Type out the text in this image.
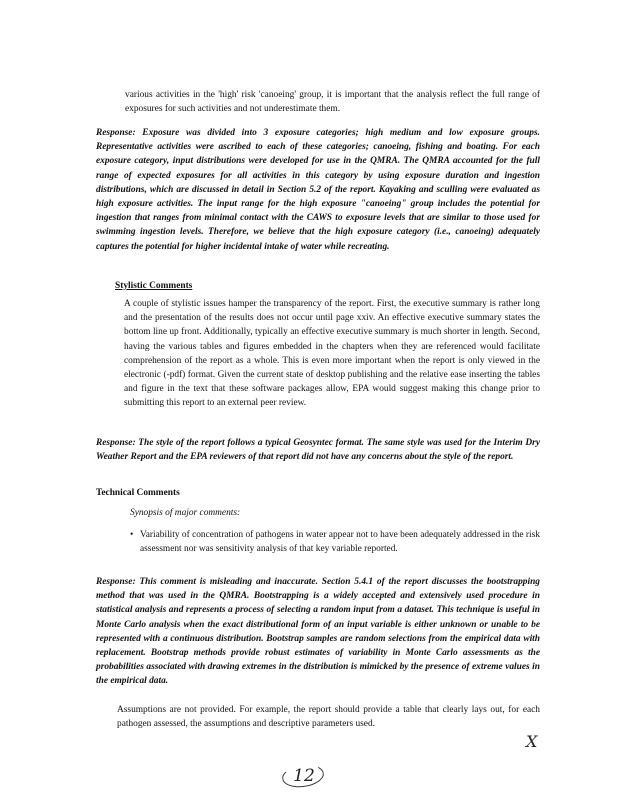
various activities in the 'high' risk 'canoeing' group, it is important that the analysis reflect the full range of exposures for such activities and not underestimate them.
Response: Exposure was divided into 3 exposure categories; high medium and low exposure groups. Representative activities were ascribed to each of these categories; canoeing, fishing and boating. For each exposure category, input distributions were developed for use in the QMRA. The QMRA accounted for the full range of expected exposures for all activities in this category by using exposure duration and ingestion distributions, which are discussed in detail in Section 5.2 of the report. Kayaking and sculling were evaluated as high exposure activities. The input range for the high exposure "canoeing" group includes the potential for ingestion that ranges from minimal contact with the CAWS to exposure levels that are similar to those used for swimming ingestion levels. Therefore, we believe that the high exposure category (i.e., canoeing) adequately captures the potential for higher incidental intake of water while recreating.
Stylistic Comments
A couple of stylistic issues hamper the transparency of the report. First, the executive summary is rather long and the presentation of the results does not occur until page xxiv. An effective executive summary states the bottom line up front. Additionally, typically an effective executive summary is much shorter in length. Second, having the various tables and figures embedded in the chapters when they are referenced would facilitate comprehension of the report as a whole. This is even more important when the report is only viewed in the electronic (-pdf) format. Given the current state of desktop publishing and the relative ease inserting the tables and figure in the text that these software packages allow, EPA would suggest making this change prior to submitting this report to an external peer review.
Response: The style of the report follows a typical Geosyntec format. The same style was used for the Interim Dry Weather Report and the EPA reviewers of that report did not have any concerns about the style of the report.
Technical Comments
Synopsis of major comments:
• Variability of concentration of pathogens in water appear not to have been adequately addressed in the risk assessment nor was sensitivity analysis of that key variable reported.
Response: This comment is misleading and inaccurate. Section 5.4.1 of the report discusses the bootstrapping method that was used in the QMRA. Bootstrapping is a widely accepted and extensively used procedure in statistical analysis and represents a process of selecting a random input from a dataset. This technique is useful in Monte Carlo analysis when the exact distributional form of an input variable is either unknown or unable to be represented with a continuous distribution. Bootstrap samples are random selections from the empirical data with replacement. Bootstrap methods provide robust estimates of variability in Monte Carlo assessments as the probabilities associated with drawing extremes in the distribution is mimicked by the presence of extreme values in the empirical data.
Assumptions are not provided. For example, the report should provide a table that clearly lays out, for each pathogen assessed, the assumptions and descriptive parameters used.
X
12
